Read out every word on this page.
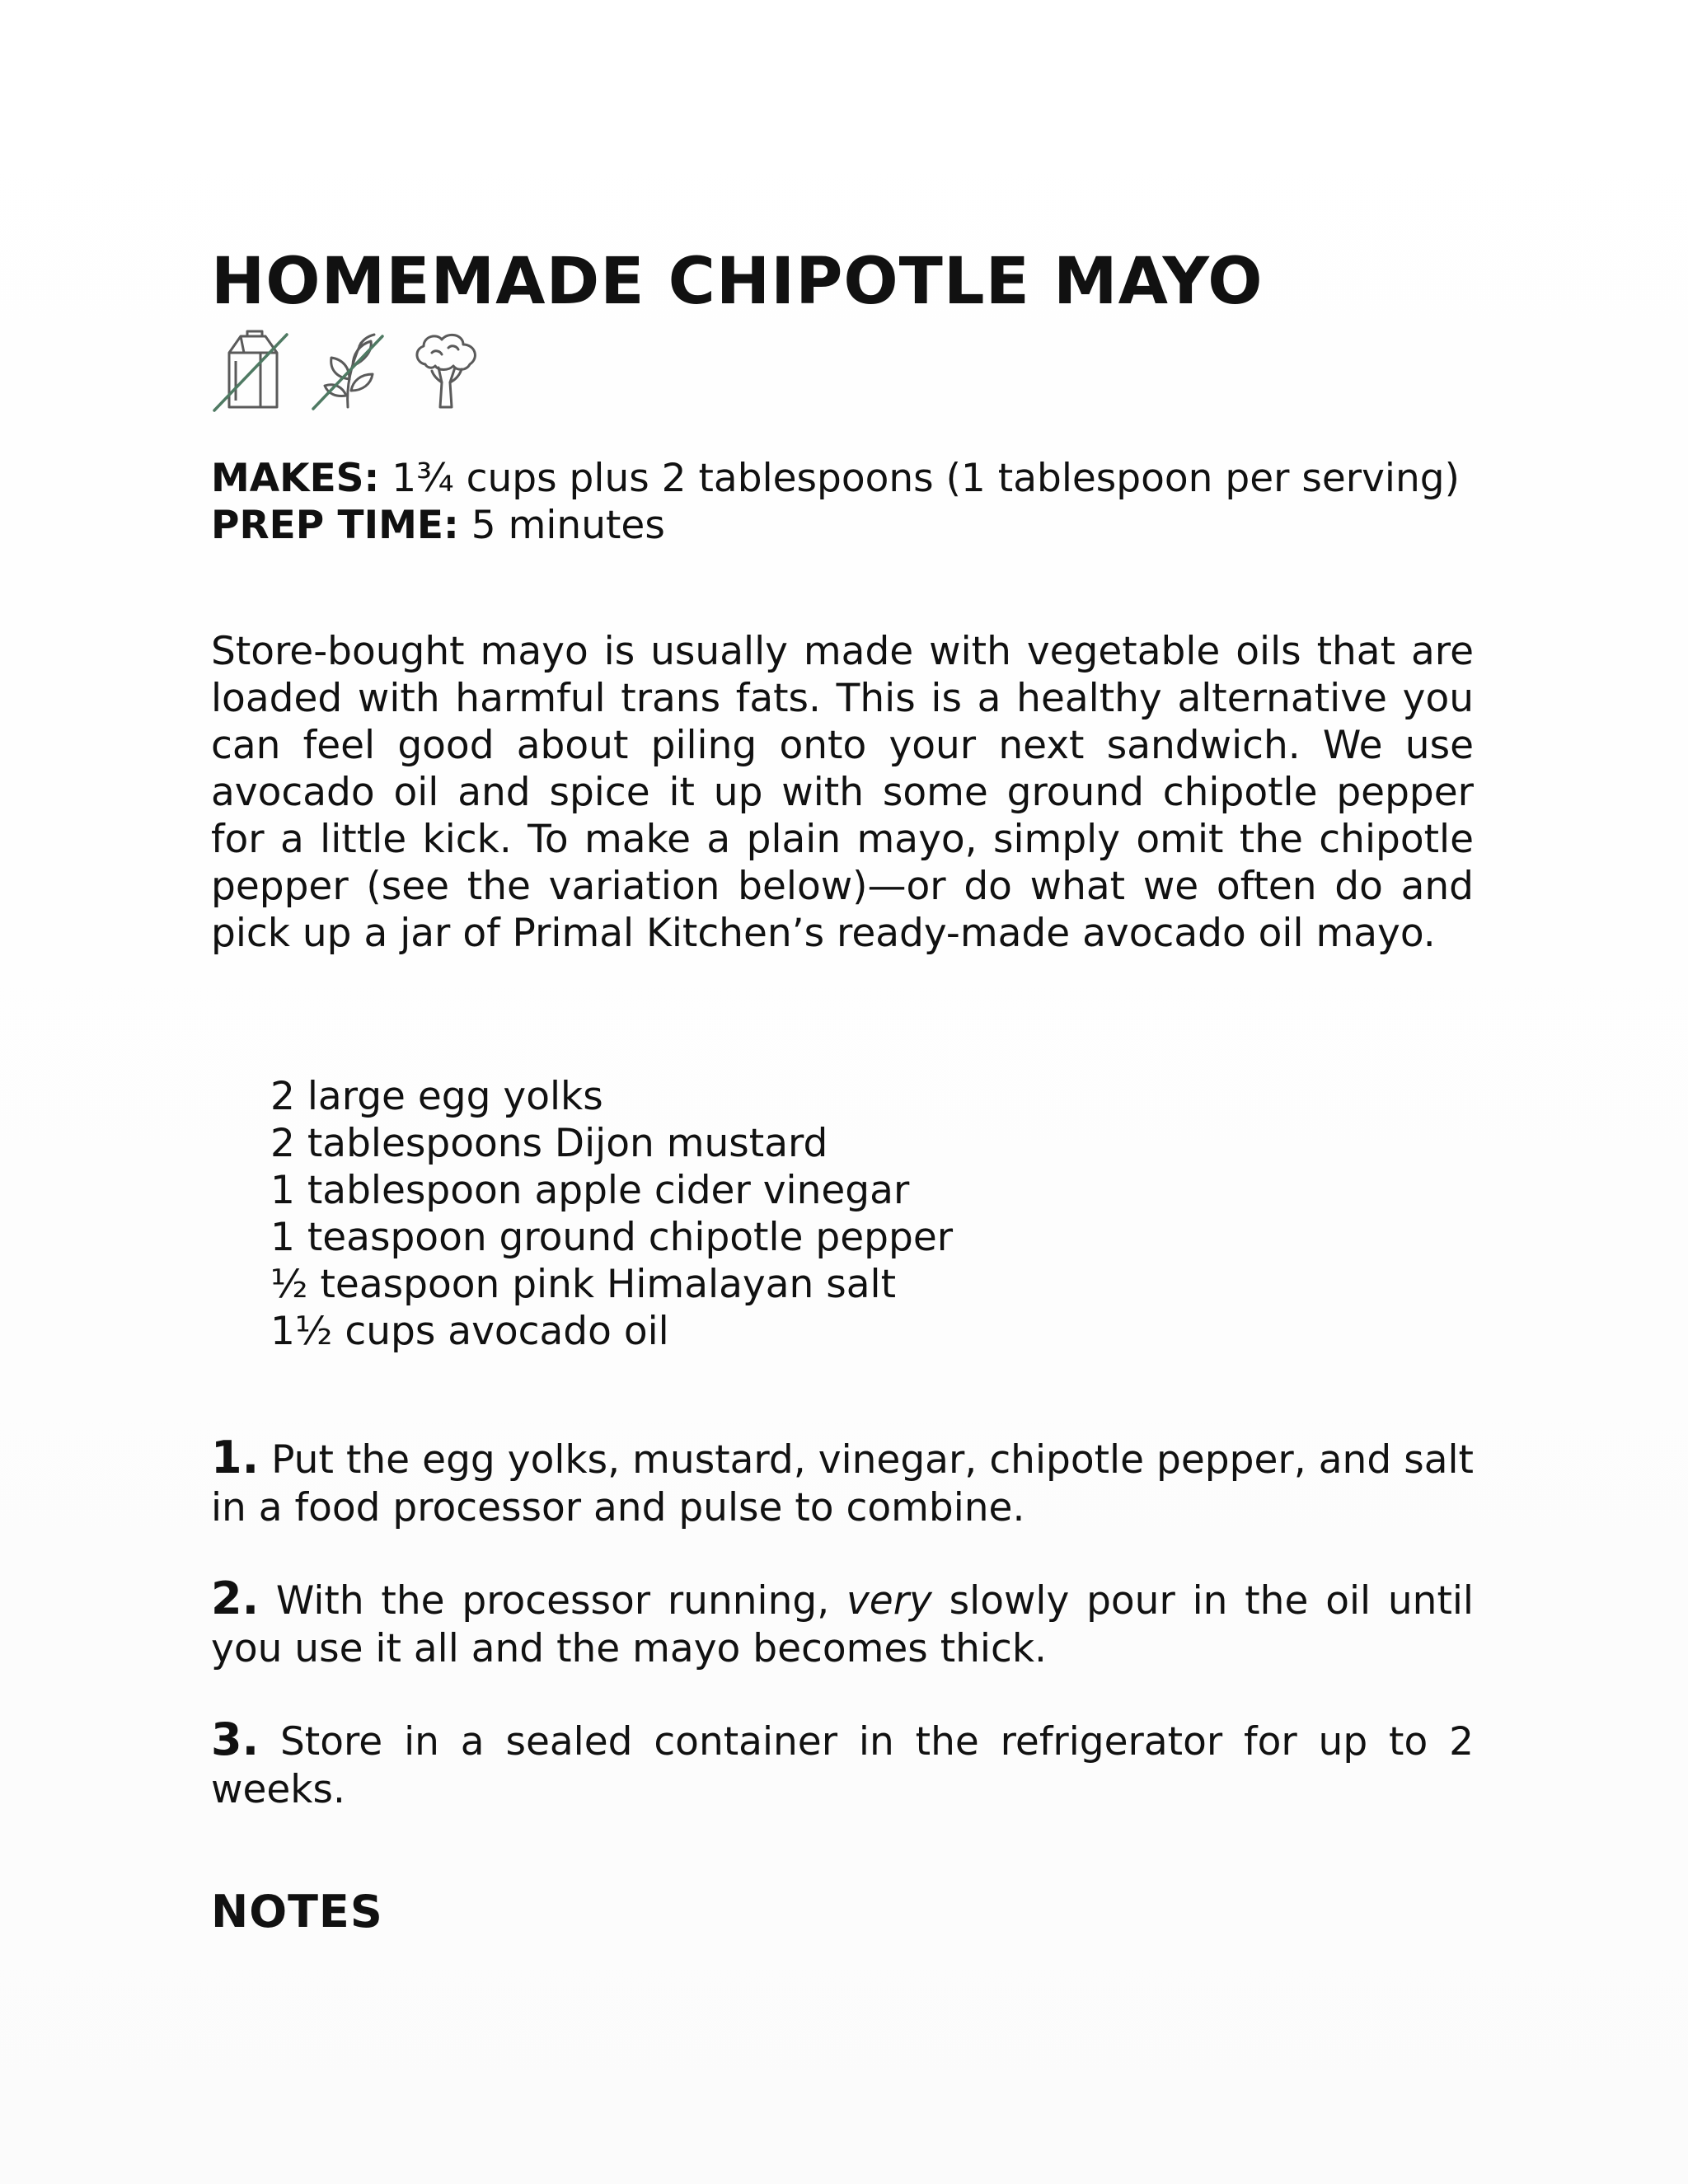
HOMEMADE CHIPOTLE MAYO
MAKES: 1¾ cups plus 2 tablespoons (1 tablespoon per serving)
PREP TIME: 5 minutes

Store-bought mayo is usually made with vegetable oils that are loaded with harmful trans fats. This is a healthy alternative you can feel good about piling onto your next sandwich. We use avocado oil and spice it up with some ground chipotle pepper for a little kick. To make a plain mayo, simply omit the chipotle pepper (see the variation below)—or do what we often do and pick up a jar of Primal Kitchen’s ready-made avocado oil mayo.

2 large egg yolks
2 tablespoons Dijon mustard
1 tablespoon apple cider vinegar
1 teaspoon ground chipotle pepper
½ teaspoon pink Himalayan salt
1½ cups avocado oil
1. Put the egg yolks, mustard, vinegar, chipotle pepper, and salt in a food processor and pulse to combine.
2. With the processor running, very slowly pour in the oil until you use it all and the mayo becomes thick.
3. Store in a sealed container in the refrigerator for up to 2 weeks.
NOTES
